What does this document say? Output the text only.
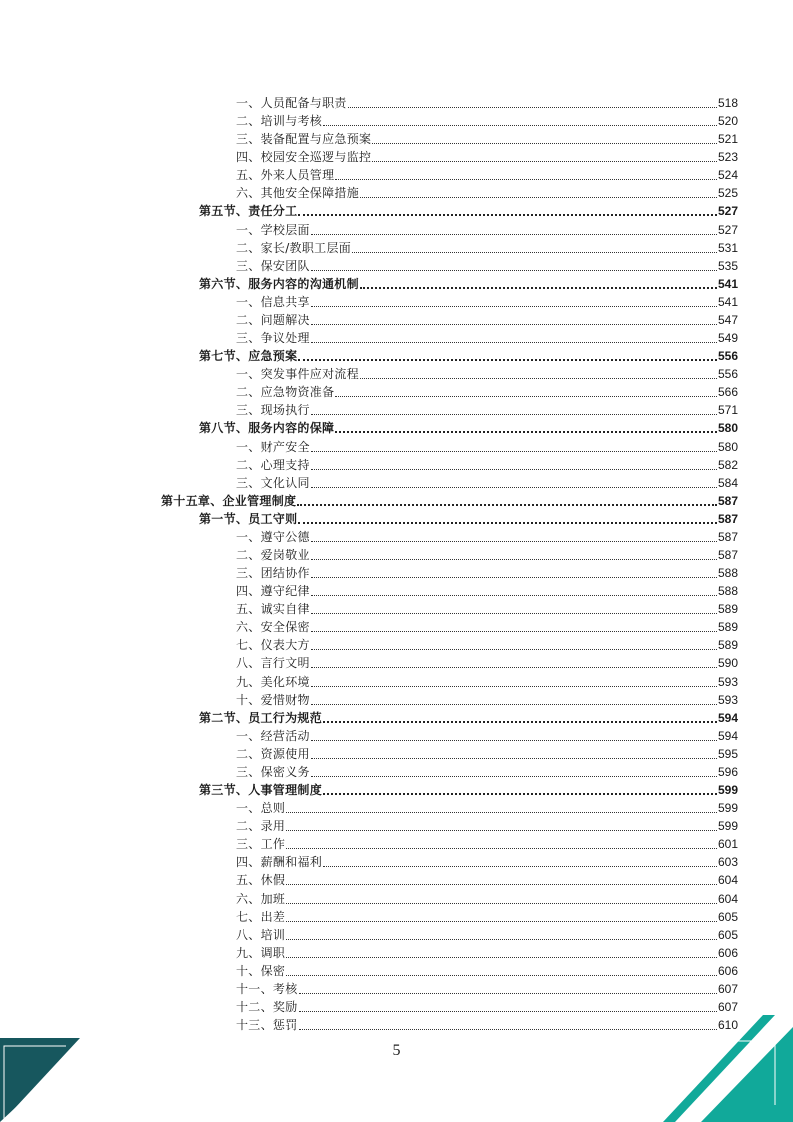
一、人员配备与职责	518
二、培训与考核	520
三、装备配置与应急预案	521
四、校园安全巡逻与监控	523
五、外来人员管理	524
六、其他安全保障措施	525
第五节、责任分工	527
一、学校层面	527
二、家长/教职工层面	531
三、保安团队	535
第六节、服务内容的沟通机制	541
一、信息共享	541
二、问题解决	547
三、争议处理	549
第七节、应急预案	556
一、突发事件应对流程	556
二、应急物资准备	566
三、现场执行	571
第八节、服务内容的保障	580
一、财产安全	580
二、心理支持	582
三、文化认同	584
第十五章、企业管理制度	587
第一节、员工守则	587
一、遵守公德	587
二、爱岗敬业	587
三、团结协作	588
四、遵守纪律	588
五、诚实自律	589
六、安全保密	589
七、仪表大方	589
八、言行文明	590
九、美化环境	593
十、爱惜财物	593
第二节、员工行为规范	594
一、经营活动	594
二、资源使用	595
三、保密义务	596
第三节、人事管理制度	599
一、总则	599
二、录用	599
三、工作	601
四、薪酬和福利	603
五、休假	604
六、加班	604
七、出差	605
八、培训	605
九、调职	606
十、保密	606
十一、考核	607
十二、奖励	607
十三、惩罚	610
5
